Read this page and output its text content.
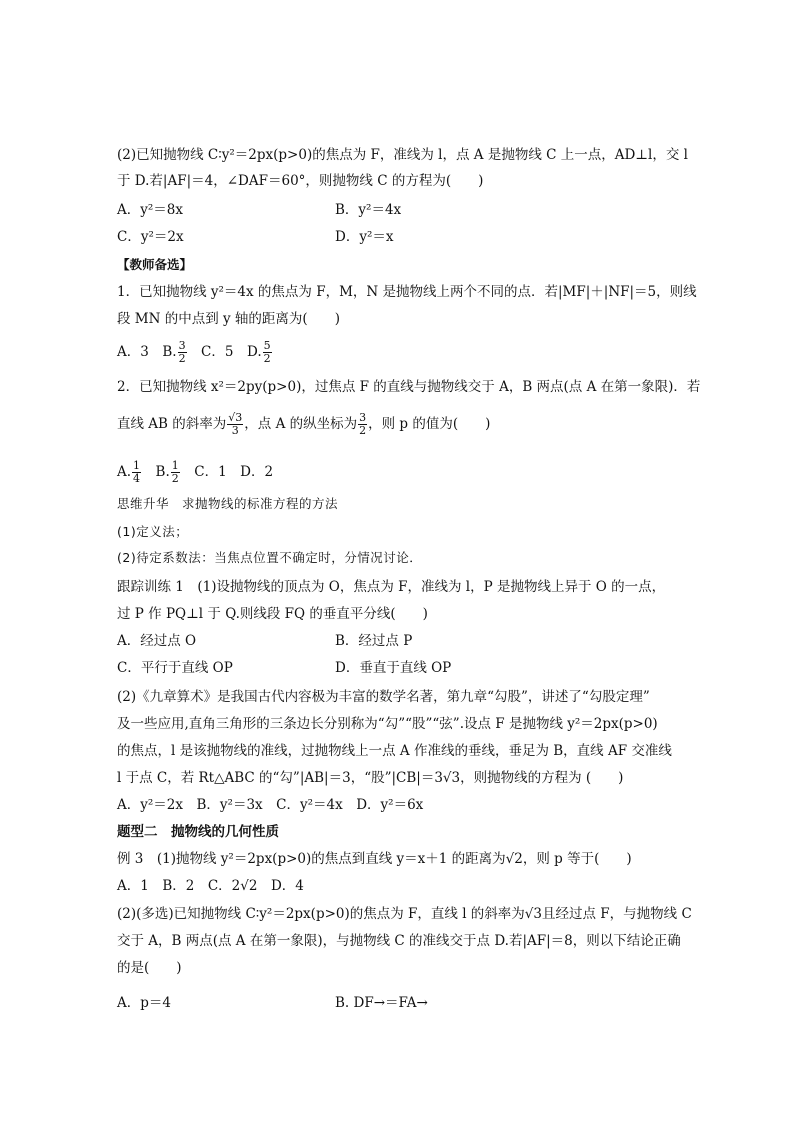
(2)已知抛物线 C∶y²＝2px(p>0)的焦点为 F，准线为 l，点 A 是抛物线 C 上一点，AD⊥l，交 l
于 D.若|AF|＝4，∠DAF＝60°，则抛物线 C 的方程为(　　)
A．y²＝8x	B．y²＝4x
C．y²＝2x	D．y²＝x
【教师备选】
1．已知抛物线 y²＝4x 的焦点为 F，M，N 是抛物线上两个不同的点．若|MF|＋|NF|＝5，则线
段 MN 的中点到 y 轴的距离为(　　)
A．3　B. $\frac{3}{2}$ 　C．5　D. $\frac{5}{2}$
2．已知抛物线 x²＝2py(p>0)，过焦点 F 的直线与抛物线交于 A，B 两点(点 A 在第一象限)．若
直线 AB 的斜率为 $\frac{√3}{3}$ ，点 A 的纵坐标为 $\frac{3}{2}$ ，则 p 的值为(　　)
A. $\frac{1}{4}$ 　B. $\frac{1}{2}$ 　C．1　D．2
思维升华　求抛物线的标准方程的方法
(1)定义法；
(2)待定系数法：当焦点位置不确定时，分情况讨论．
跟踪训练 1　(1)设抛物线的顶点为 O，焦点为 F，准线为 l，P 是抛物线上异于 O 的一点，
过 P 作 PQ⊥l 于 Q.则线段 FQ 的垂直平分线(　　)
A．经过点 O	B．经过点 P
C．平行于直线 OP	D．垂直于直线 OP
(2)《九章算术》是我国古代内容极为丰富的数学名著，第九章“勾股”，讲述了“勾股定理”
及一些应用,直角三角形的三条边长分别称为“勾”“股”“弦”.设点 F 是抛物线 y²＝2px(p>0)
的焦点，l 是该抛物线的准线，过抛物线上一点 A 作准线的垂线，垂足为 B，直线 AF 交准线
l 于点 C，若 Rt△ABC 的“勾”|AB|＝3，“股”|CB|＝3√3，则抛物线的方程为 (　　)
A．y²＝2x　B．y²＝3x　C．y²＝4x　D．y²＝6x
题型二　抛物线的几何性质
例 3　(1)抛物线 y²＝2px(p>0)的焦点到直线 y＝x＋1 的距离为√2，则 p 等于(　　)
A．1　B．2　C．2√2　D．4
(2)(多选)已知抛物线 C∶y²＝2px(p>0)的焦点为 F，直线 l 的斜率为√3且经过点 F，与抛物线 C
交于 A，B 两点(点 A 在第一象限)，与抛物线 C 的准线交于点 D.若|AF|＝8，则以下结论正确
的是(　　)
A．p＝4	B. DF→＝FA→
